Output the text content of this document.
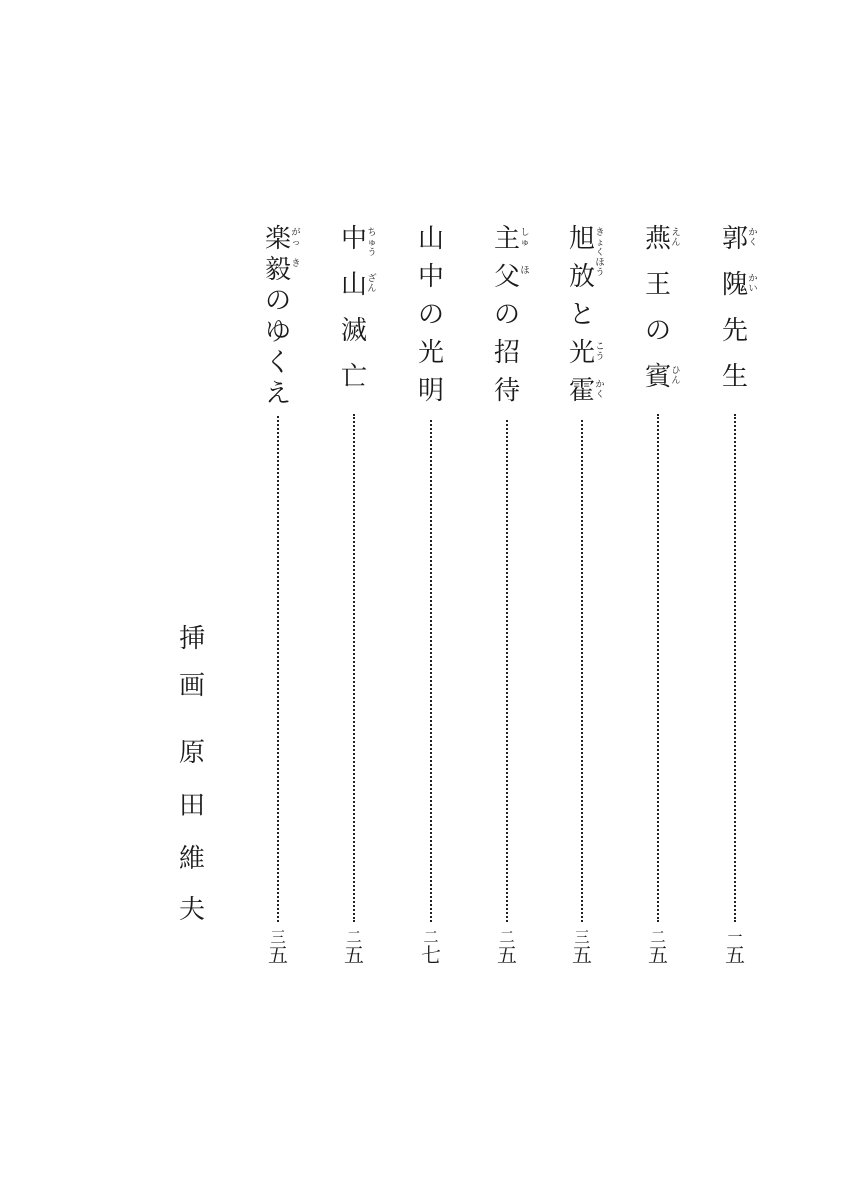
郭
隗
先
生
か
く
か
い
一
五
燕
王
の
賓
え
ん
ひ
ん
二
五
旭
放
と
光
霍
き
ょ
く
ほ
う
こ
う
か
く
三
五
主
父
の
招
待
し
ゅ
ほ
二
五
山
中
の
光
明
二
七
中
山
滅
亡
ち
ゅ
う
ざ
ん
二
五
楽
毅
の
ゆ
く
え
が
っ
き
三
五
挿
画
原
田
維
夫
